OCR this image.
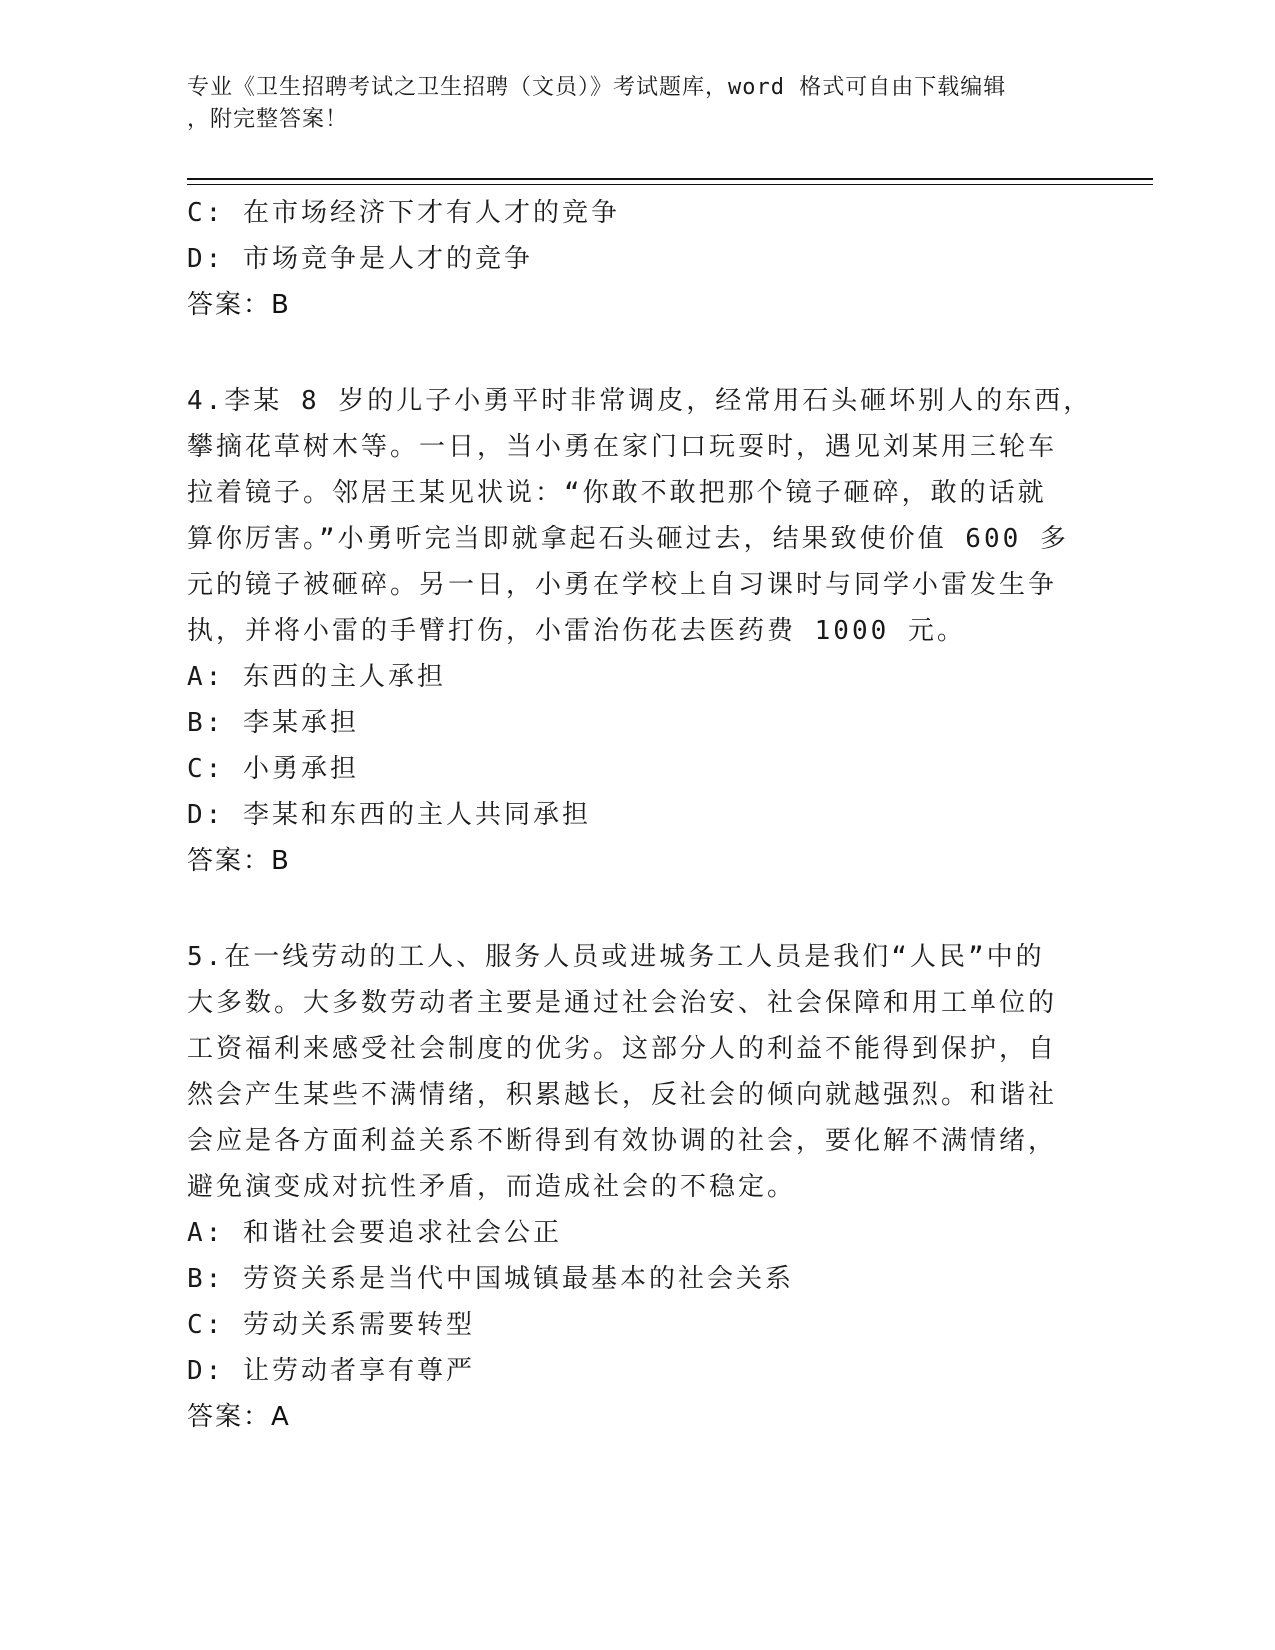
专业《卫生招聘考试之卫生招聘（文员）》考试题库，word 格式可自由下载编辑
，附完整答案！
C: 在市场经济下才有人才的竞争
D: 市场竞争是人才的竞争
答案：B
4.李某 8 岁的儿子小勇平时非常调皮，经常用石头砸坏别人的东西，
攀摘花草树木等。一日，当小勇在家门口玩耍时，遇见刘某用三轮车
拉着镜子。邻居王某见状说：“你敢不敢把那个镜子砸碎，敢的话就
算你厉害。”小勇听完当即就拿起石头砸过去，结果致使价值 600 多
元的镜子被砸碎。另一日，小勇在学校上自习课时与同学小雷发生争
执，并将小雷的手臂打伤，小雷治伤花去医药费 1000 元。
A: 东西的主人承担
B: 李某承担
C: 小勇承担
D: 李某和东西的主人共同承担
答案：B
5.在一线劳动的工人、服务人员或进城务工人员是我们“人民”中的
大多数。大多数劳动者主要是通过社会治安、社会保障和用工单位的
工资福利来感受社会制度的优劣。这部分人的利益不能得到保护，自
然会产生某些不满情绪，积累越长，反社会的倾向就越强烈。和谐社
会应是各方面利益关系不断得到有效协调的社会，要化解不满情绪，
避免演变成对抗性矛盾，而造成社会的不稳定。
A: 和谐社会要追求社会公正
B: 劳资关系是当代中国城镇最基本的社会关系
C: 劳动关系需要转型
D: 让劳动者享有尊严
答案：A
